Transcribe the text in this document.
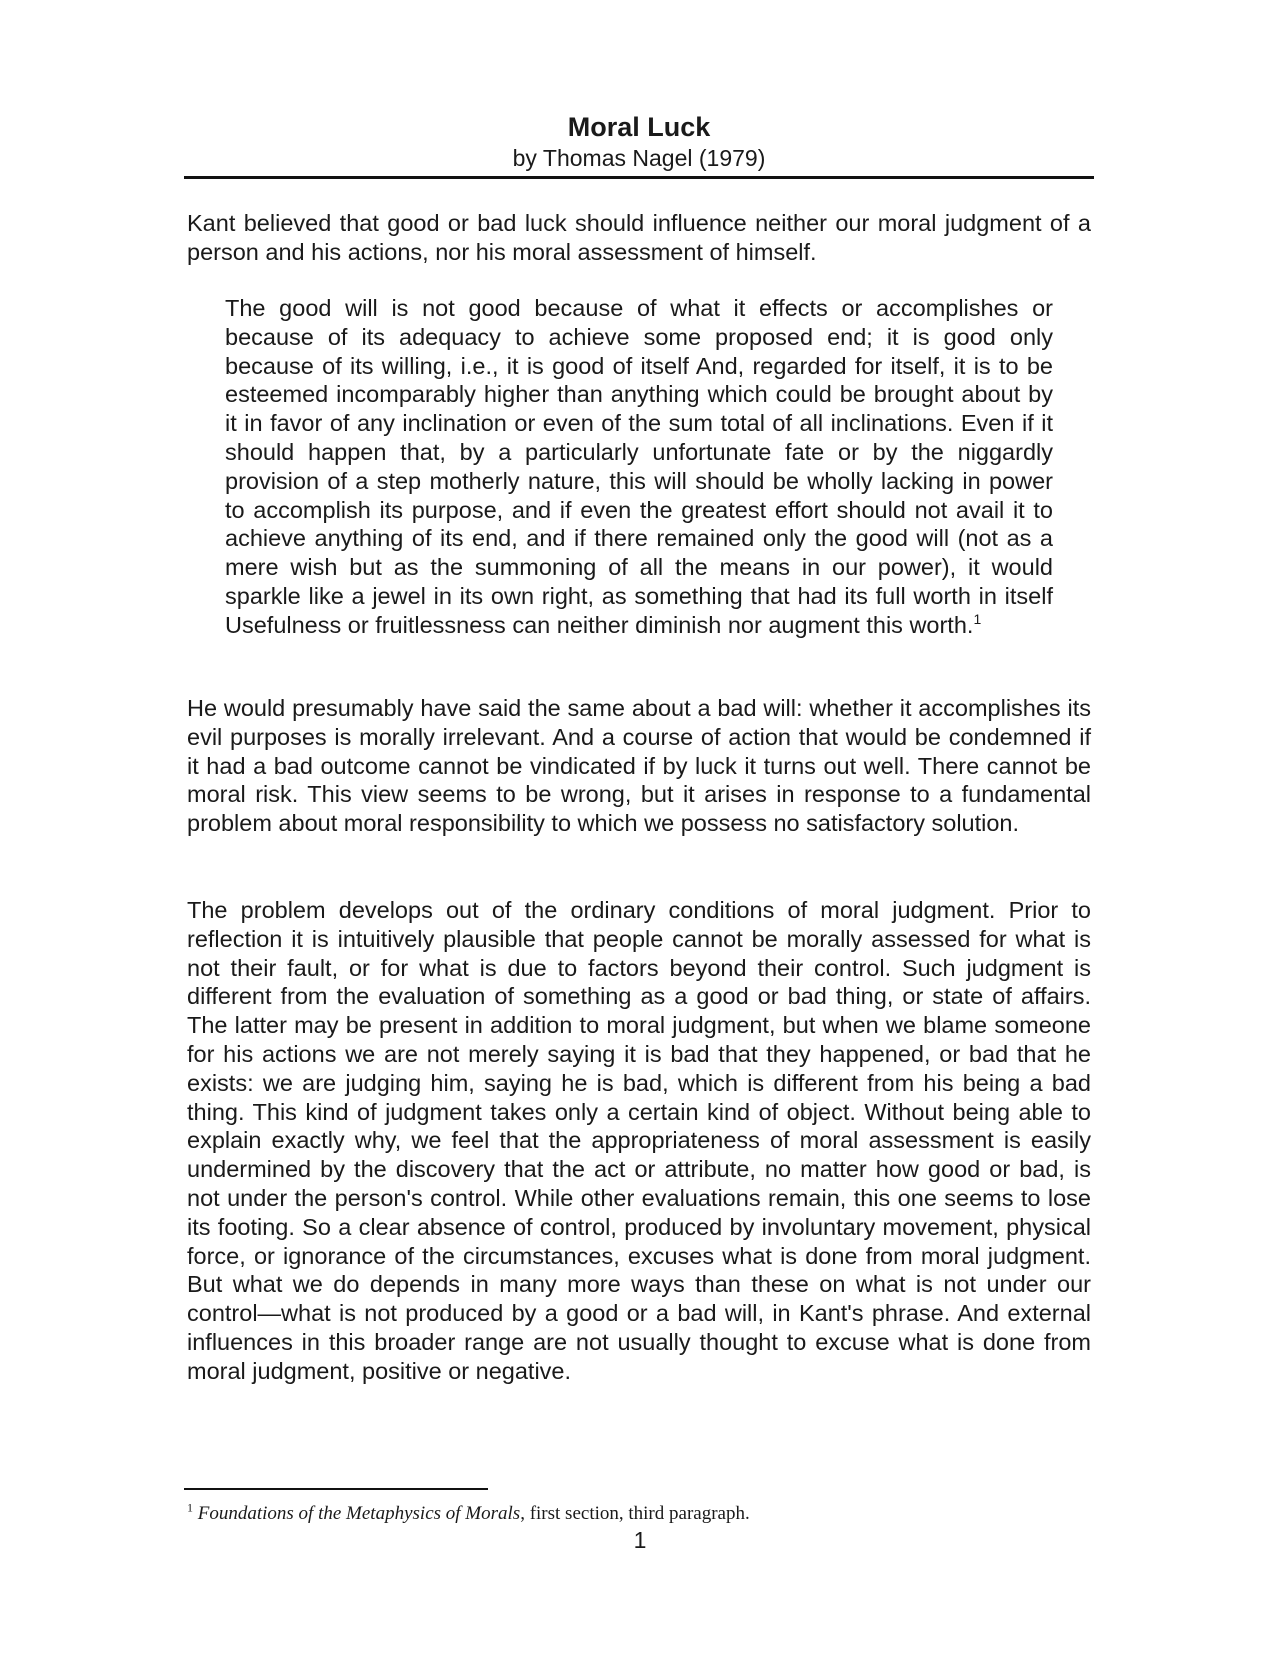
Moral Luck

by Thomas Nagel (1979)

Kant believed that good or bad luck should influence neither our moral judgment of a person and his actions, nor his moral assessment of himself.

The good will is not good because of what it effects or accomplishes or because of its adequacy to achieve some proposed end; it is good only because of its willing, i.e., it is good of itself And, regarded for itself, it is to be esteemed incomparably higher than anything which could be brought about by it in favor of any inclination or even of the sum total of all inclinations. Even if it should happen that, by a particularly unfortunate fate or by the niggardly provision of a step motherly nature, this will should be wholly lacking in power to accomplish its purpose, and if even the greatest effort should not avail it to achieve anything of its end, and if there remained only the good will (not as a mere wish but as the summoning of all the means in our power), it would sparkle like a jewel in its own right, as something that had its full worth in itself Usefulness or fruitlessness can neither diminish nor augment this worth.$^1$

He would presumably have said the same about a bad will: whether it accomplishes its evil purposes is morally irrelevant. And a course of action that would be condemned if it had a bad outcome cannot be vindicated if by luck it turns out well. There cannot be moral risk. This view seems to be wrong, but it arises in response to a fundamental problem about moral responsibility to which we possess no satisfactory solution.

The problem develops out of the ordinary conditions of moral judgment. Prior to reflection it is intuitively plausible that people cannot be morally assessed for what is not their fault, or for what is due to factors beyond their control. Such judgment is different from the evaluation of something as a good or bad thing, or state of affairs. The latter may be present in addition to moral judgment, but when we blame someone for his actions we are not merely saying it is bad that they happened, or bad that he exists: we are judging him, saying he is bad, which is different from his being a bad thing. This kind of judgment takes only a certain kind of object. Without being able to explain exactly why, we feel that the appropriateness of moral assessment is easily undermined by the discovery that the act or attribute, no matter how good or bad, is not under the person's control. While other evaluations remain, this one seems to lose its footing. So a clear absence of control, produced by involuntary movement, physical force, or ignorance of the circumstances, excuses what is done from moral judgment. But what we do depends in many more ways than these on what is not under our control—what is not produced by a good or a bad will, in Kant's phrase. And external influences in this broader range are not usually thought to excuse what is done from moral judgment, positive or negative.

$^1$ Foundations of the Metaphysics of Morals, first section, third paragraph.

1
